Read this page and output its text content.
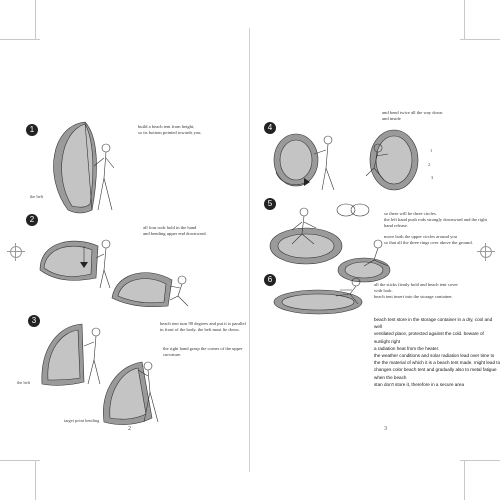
1	build a beach tent from height,
so its bottom pointed towards you.
the belt
2
all four rods hold in the hand
and bending upper end downward.
3	beach tent turn 90 degrees and put it is parallel
in front of the body. the belt must lie down.
the right hand grasp the corner of the upper
curvature.
the belt
target point bending
2
and bend twice all the way down
and inside
4
1
2
3
5
so there will be three circles.
the left hand push rods strongly downward and the right
hand release.
move both the upper circles around you
so that all the three rings over above the ground.
6
all the sticks firmly hold and beach tent cover
with look.
beach tent insert into the storage container.
beach tent store in the storage container in a dry, cool and
well
ventilated place, protected against the cold. beware of
sunlight right
a radiation heat from the heater.
the weather conditions and solar radiation lead over time to
the the material of which it is a beach tent made. might lead to
changes color beach tent and gradually also to metal fatigue
when the beach
stan don't store it, therefore in a secure area
3
